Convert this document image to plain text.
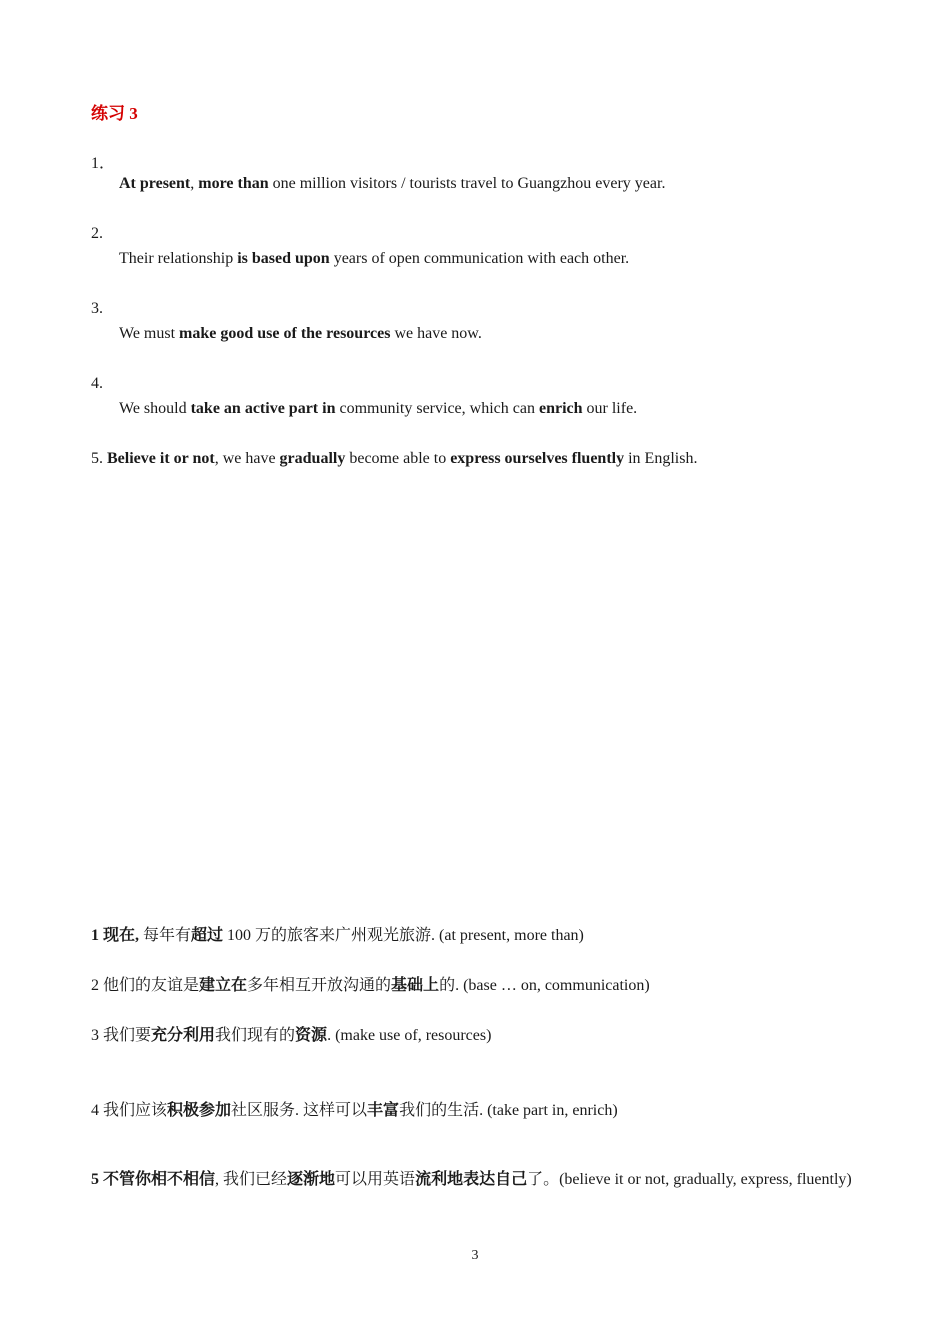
练习 3
1．
At present, more than one million visitors / tourists travel to Guangzhou every year.
2.
Their relationship is based upon years of open communication with each other.
3.
We must make good use of the resources we have now.
4.
We should take an active part in community service, which can enrich our life.
5. Believe it or not, we have gradually become able to express ourselves fluently in English.
1 现在, 每年有超过 100 万的旅客来广州观光旅游. (at present, more than)
2 他们的友谊是建立在多年相互开放沟通的基础上的. (base … on, communication)
3 我们要充分利用我们现有的资源. (make use of, resources)
4 我们应该积极参加社区服务. 这样可以丰富我们的生活. (take part in, enrich)
5 不管你相不相信, 我们已经逐渐地可以用英语流利地表达自己了。(believe it or not, gradually, express, fluently)
3
